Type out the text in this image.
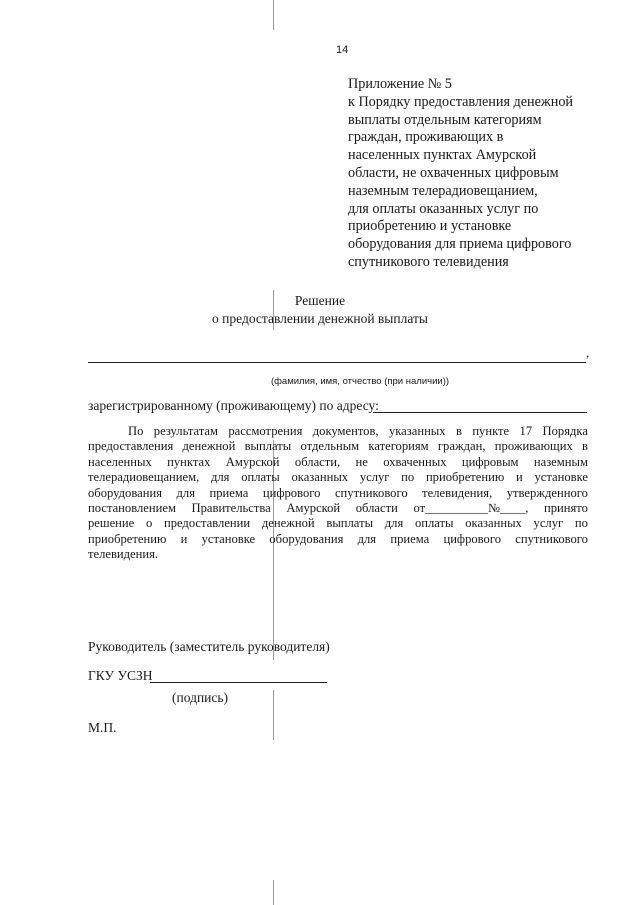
14
Приложение № 5
к Порядку предоставления денежной
выплаты отдельным категориям
граждан, проживающих в
населенных пунктах Амурской
области, не охваченных цифровым
наземным телерадиовещанием,
для оплаты оказанных услуг по
приобретению и установке
оборудования для приема цифрового
спутникового телевидения
Решение
о предоставлении денежной выплаты
,
(фамилия, имя, отчество (при наличии))
зарегистрированному (проживающему) по адресу:
По результатам рассмотрения документов, указанных в пункте 17 Порядка
предоставления денежной выплаты отдельным категориям граждан, проживающих в
населенных пунктах Амурской области, не охваченных цифровым наземным
телерадиовещанием, для оплаты оказанных услуг по приобретению и установке
оборудования для приема цифрового спутникового телевидения, утвержденного
постановлением Правительства Амурской области от__________№____, принято
решение о предоставлении денежной выплаты для оплаты оказанных услуг по
приобретению и установке оборудования для приема цифрового спутникового
телевидения.
Руководитель (заместитель руководителя)
ГКУ УСЗН
(подпись)
М.П.
